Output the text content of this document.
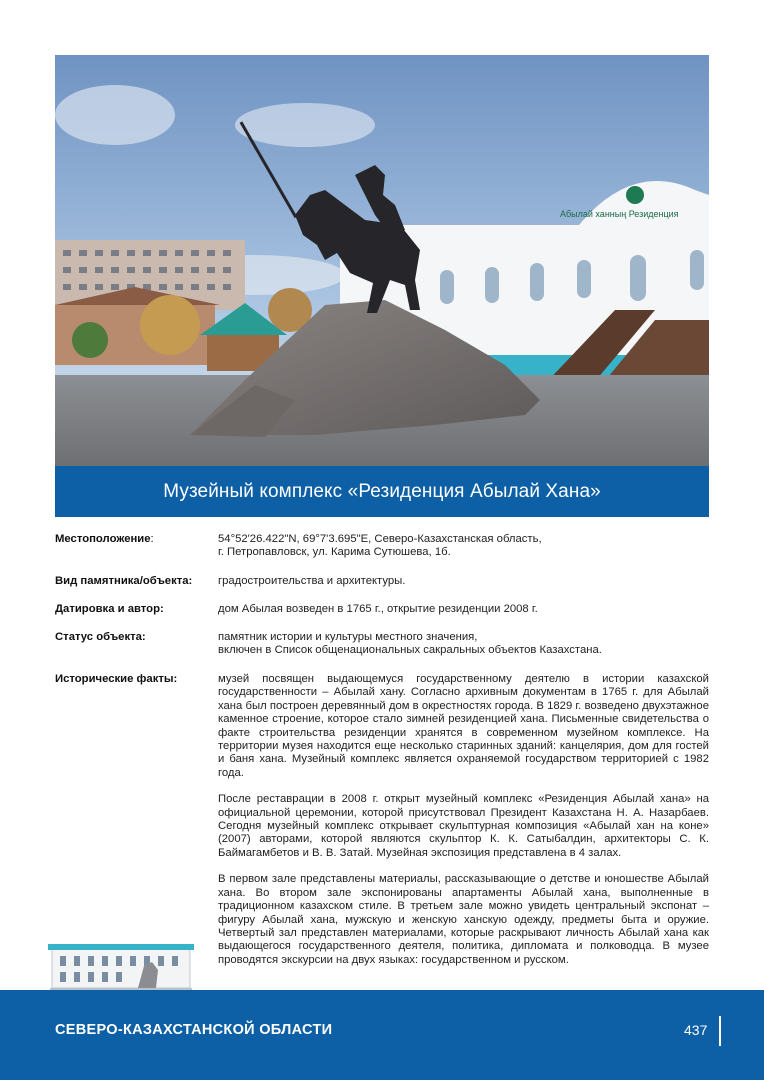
Абылай ханның Резиденция
Музейный комплекс «Резиденция Абылай Хана»
Местоположение:	54°52'26.422"N, 69°7'3.695"E, Северо-Казахстанская область,
г. Петропавловск, ул. Карима Сутюшева, 1б.
Вид памятника/объекта:	градостроительства и архитектуры.
Датировка и автор:	дом Абылая возведен в 1765 г., открытие резиденции 2008 г.
Статус объекта:	памятник истории и культуры местного значения,
включен в Список общенациональных сакральных объектов Казахстана.
Исторические факты:	музей посвящен выдающемуся государственному деятелю в истории казахской государственности – Абылай хану. Согласно архивным документам в 1765 г. для Абылай хана был построен деревянный дом в окрестностях города. В 1829 г. возведено двухэтажное каменное строение, которое стало зимней резиденцией хана. Письменные свидетельства о факте строительства резиденции хранятся в современном музейном комплексе. На территории музея находится еще несколько старинных зданий: канцелярия, дом для гостей и баня хана. Музейный комплекс является охраняемой государством территорией с 1982 года.

После реставрации в 2008 г. открыт музейный комплекс «Резиденция Абылай хана» на официальной церемонии, которой присутствовал Президент Казахстана Н. А. Назарбаев. Сегодня музейный комплекс открывает скульптурная композиция «Абылай хан на коне» (2007) авторами, которой являются скульптор К. К. Сатыбалдин, архитекторы С. К. Баймагамбетов и В. В. Затай. Музейная экспозиция представлена в 4 залах.

В первом зале представлены материалы, рассказывающие о детстве и юношестве Абылай хана. Во втором зале экспонированы апартаменты Абылай хана, выполненные в традиционном казахском стиле. В третьем зале можно увидеть центральный экспонат – фигуру Абылай хана, мужскую и женскую ханскую одежду, предметы быта и оружие. Четвертый зал представлен материалами, которые раскрывают личность Абылай хана как выдающегося государственного деятеля, политика, дипломата и полководца. В музее проводятся экскурсии на двух языках: государственном и русском.

СЕВЕРО-КАЗАХСТАНСКОЙ ОБЛАСТИ	437
